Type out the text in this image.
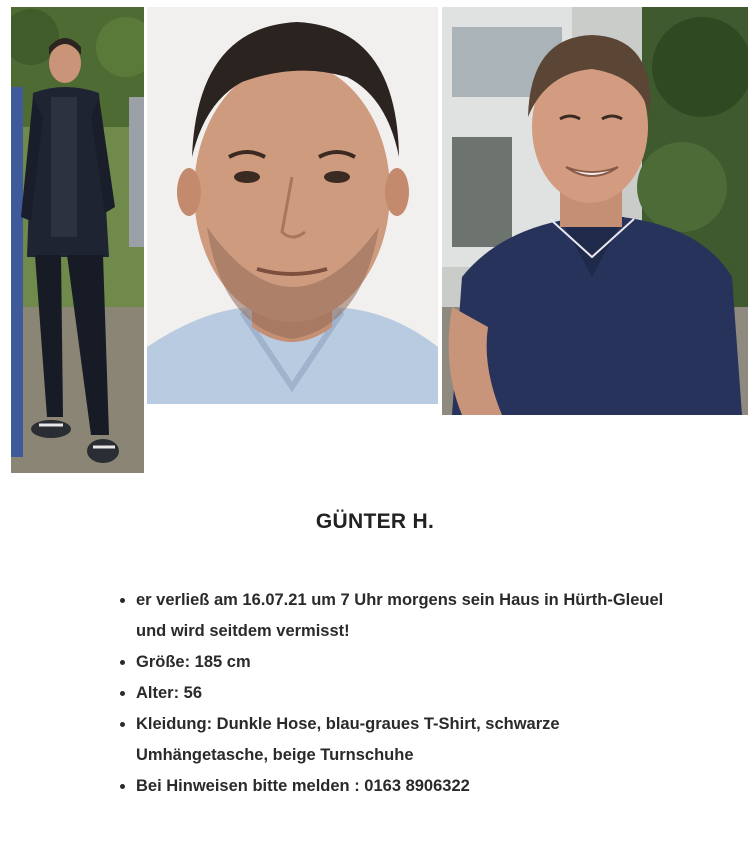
GÜNTER H.
• er verließ am 16.07.21 um 7 Uhr morgens sein Haus in Hürth-Gleuel und wird seitdem vermisst!
• Größe: 185 cm
• Alter: 56
• Kleidung: Dunkle Hose, blau-graues T-Shirt, schwarze Umhängetasche, beige Turnschuhe
• Bei Hinweisen bitte melden : 0163 8906322
